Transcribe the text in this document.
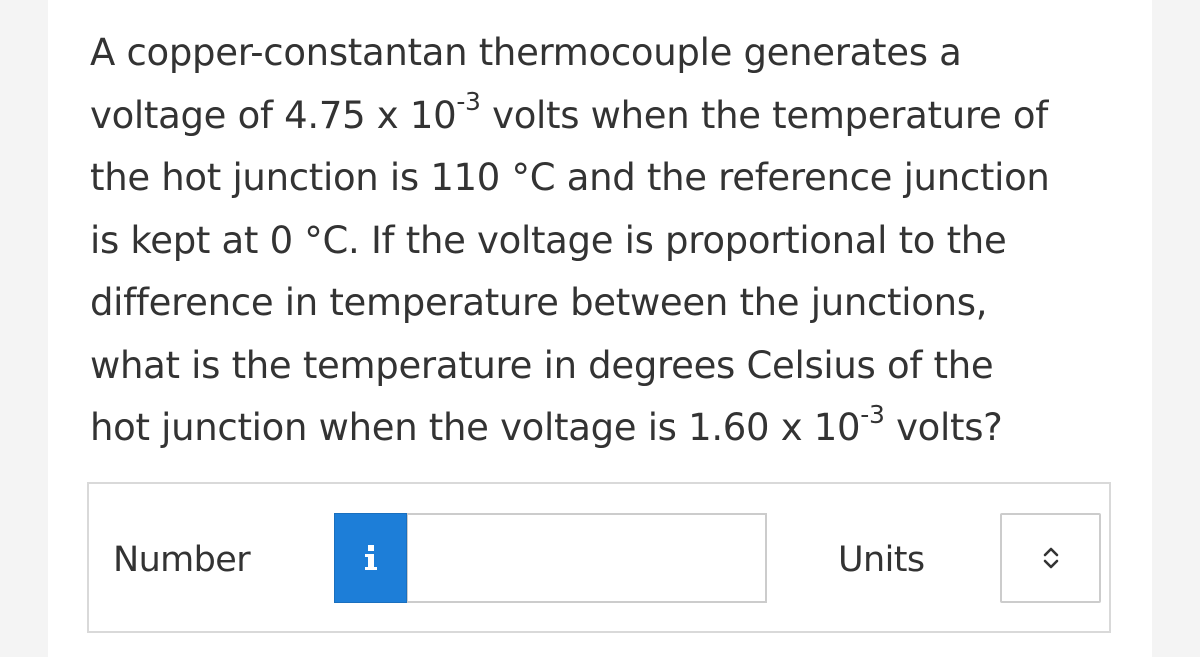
A copper-constantan thermocouple generates a
voltage of 4.75 x $10^{-3}$ volts when the temperature of
the hot junction is 110 °C and the reference junction
is kept at 0 °C. If the voltage is proportional to the
difference in temperature between the junctions,
what is the temperature in degrees Celsius of the
hot junction when the voltage is 1.60 x $10^{-3}$ volts?
Number	Units
